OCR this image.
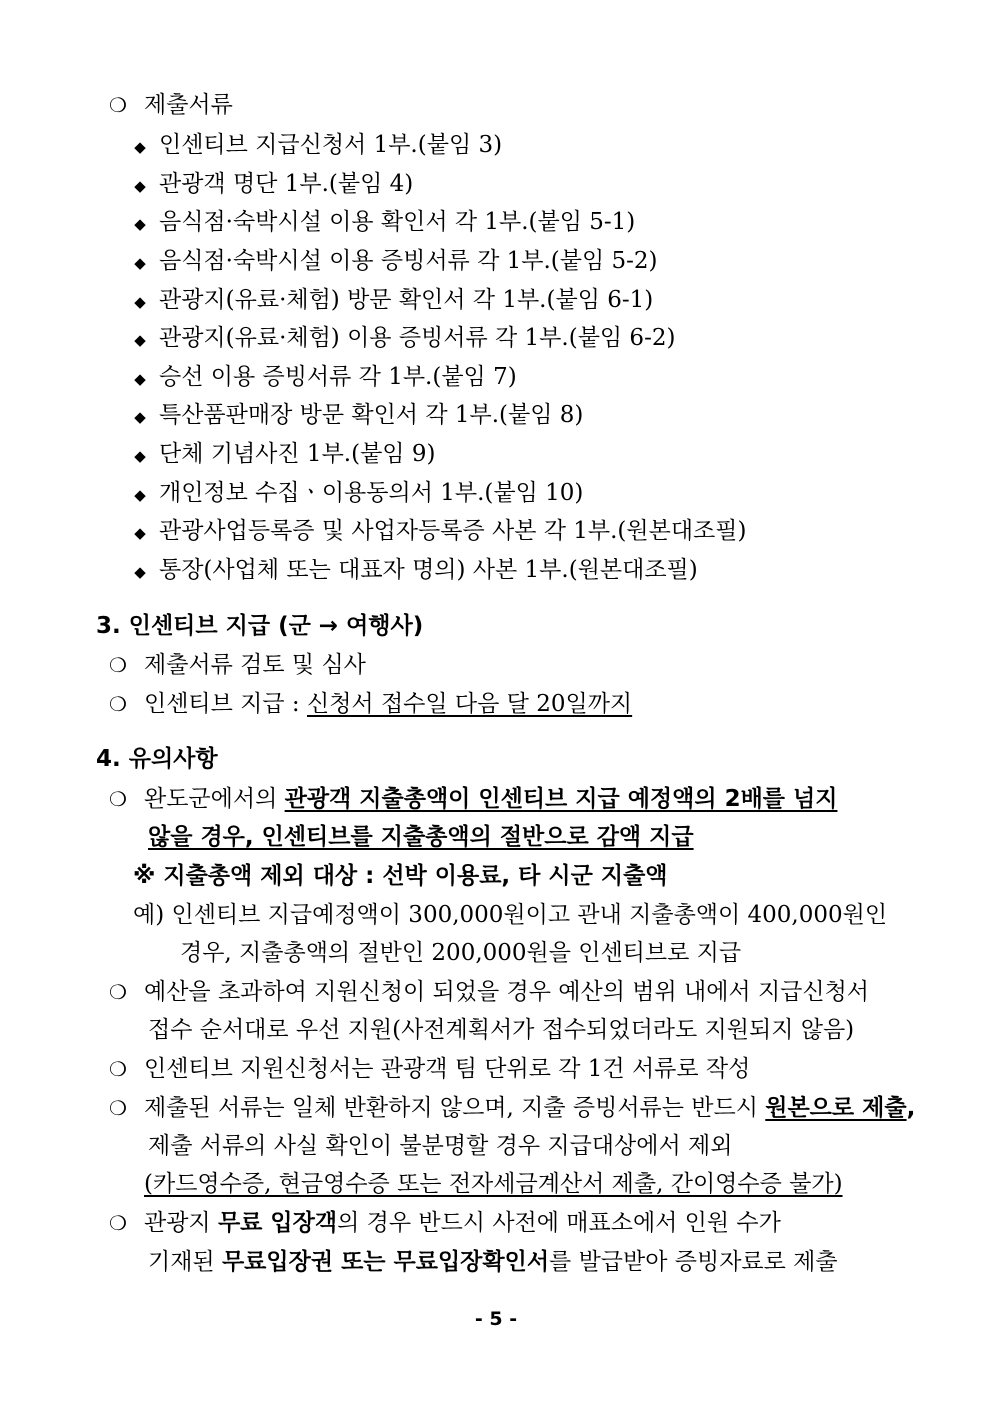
❍ 제출서류
◆ 인센티브 지급신청서 1부.(붙임 3)
◆ 관광객 명단 1부.(붙임 4)
◆ 음식점·숙박시설 이용 확인서 각 1부.(붙임 5-1)
◆ 음식점·숙박시설 이용 증빙서류 각 1부.(붙임 5-2)
◆ 관광지(유료·체험) 방문 확인서 각 1부.(붙임 6-1)
◆ 관광지(유료·체험) 이용 증빙서류 각 1부.(붙임 6-2)
◆ 승선 이용 증빙서류 각 1부.(붙임 7)
◆ 특산품판매장 방문 확인서 각 1부.(붙임 8)
◆ 단체 기념사진 1부.(붙임 9)
◆ 개인정보 수집ㆍ이용동의서 1부.(붙임 10)
◆ 관광사업등록증 및 사업자등록증 사본 각 1부.(원본대조필)
◆ 통장(사업체 또는 대표자 명의) 사본 1부.(원본대조필)
3. 인센티브 지급 (군 → 여행사)
❍ 제출서류 검토 및 심사
❍ 인센티브 지급 : 신청서 접수일 다음 달 20일까지
4. 유의사항
❍ 완도군에서의 관광객 지출총액이 인센티브 지급 예정액의 2배를 넘지
않을 경우, 인센티브를 지출총액의 절반으로 감액 지급
※ 지출총액 제외 대상 : 선박 이용료, 타 시군 지출액
예) 인센티브 지급예정액이 300,000원이고 관내 지출총액이 400,000원인
경우, 지출총액의 절반인 200,000원을 인센티브로 지급
❍ 예산을 초과하여 지원신청이 되었을 경우 예산의 범위 내에서 지급신청서
접수 순서대로 우선 지원(사전계획서가 접수되었더라도 지원되지 않음)
❍ 인센티브 지원신청서는 관광객 팀 단위로 각 1건 서류로 작성
❍ 제출된 서류는 일체 반환하지 않으며, 지출 증빙서류는 반드시 원본으로 제출,
제출 서류의 사실 확인이 불분명할 경우 지급대상에서 제외
(카드영수증, 현금영수증 또는 전자세금계산서 제출, 간이영수증 불가)
❍ 관광지 무료 입장객의 경우 반드시 사전에 매표소에서 인원 수가
기재된 무료입장권 또는 무료입장확인서를 발급받아 증빙자료로 제출
- 5 -
